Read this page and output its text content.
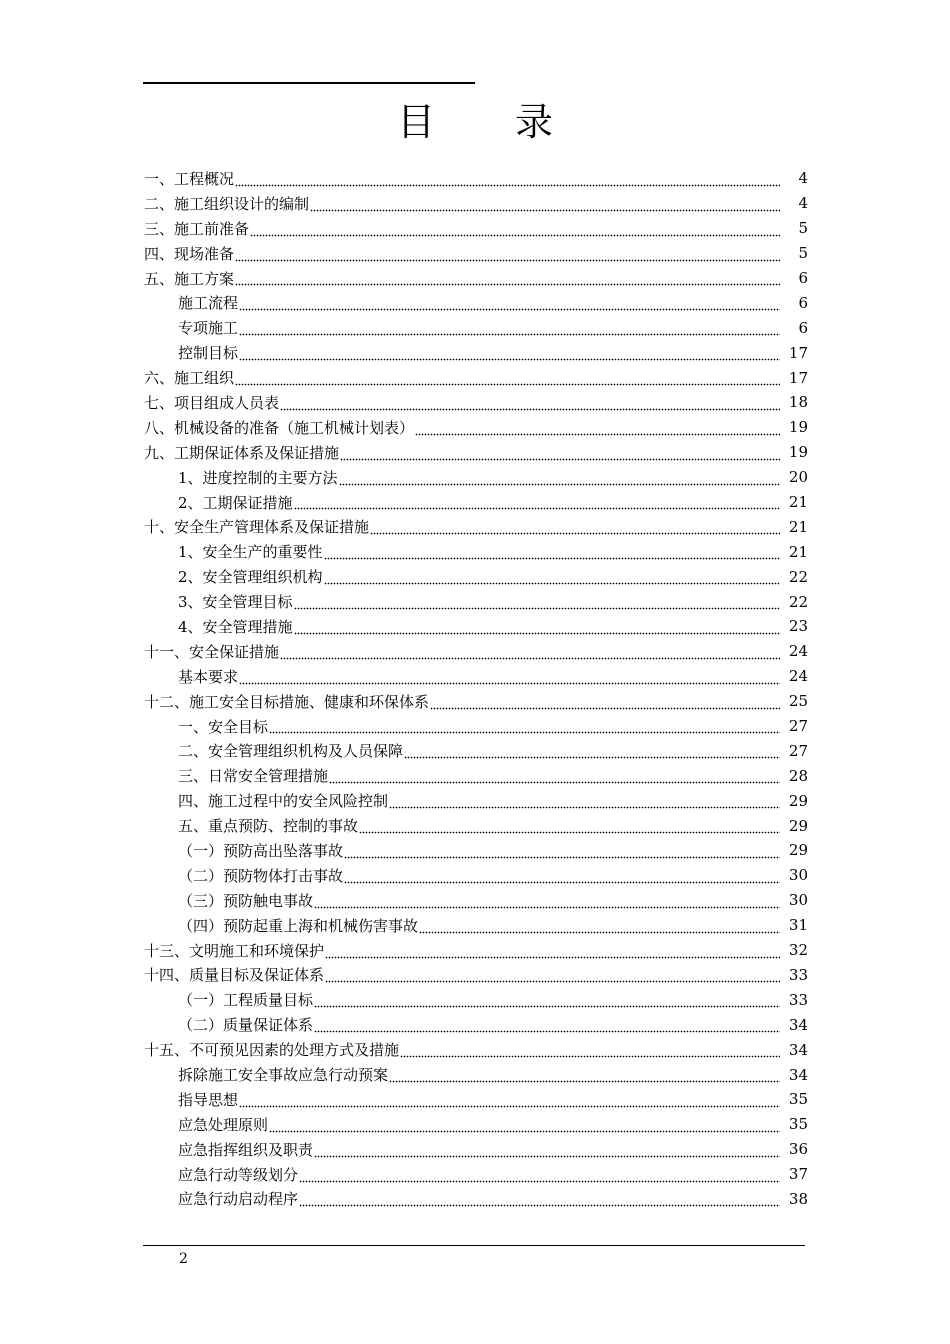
目 录
一、工程概况	4
二、施工组织设计的编制	4
三、施工前准备	5
四、现场准备	5
五、施工方案	6
施工流程	6
专项施工	6
控制目标	17
六、施工组织	17
七、项目组成人员表	18
八、机械设备的准备（施工机械计划表）	19
九、工期保证体系及保证措施	19
1、进度控制的主要方法	20
2、工期保证措施	21
十、安全生产管理体系及保证措施	21
1、安全生产的重要性	21
2、安全管理组织机构	22
3、安全管理目标	22
4、安全管理措施	23
十一、安全保证措施	24
基本要求	24
十二、施工安全目标措施、健康和环保体系	25
一、安全目标	27
二、安全管理组织机构及人员保障	27
三、日常安全管理措施	28
四、施工过程中的安全风险控制	29
五、重点预防、控制的事故	29
（一）预防高出坠落事故	29
（二）预防物体打击事故	30
（三）预防触电事故	30
（四）预防起重上海和机械伤害事故	31
十三、文明施工和环境保护	32
十四、质量目标及保证体系	33
（一）工程质量目标	33
（二）质量保证体系	34
十五、不可预见因素的处理方式及措施	34
拆除施工安全事故应急行动预案	34
指导思想	35
应急处理原则	35
应急指挥组织及职责	36
应急行动等级划分	37
应急行动启动程序	38
2
